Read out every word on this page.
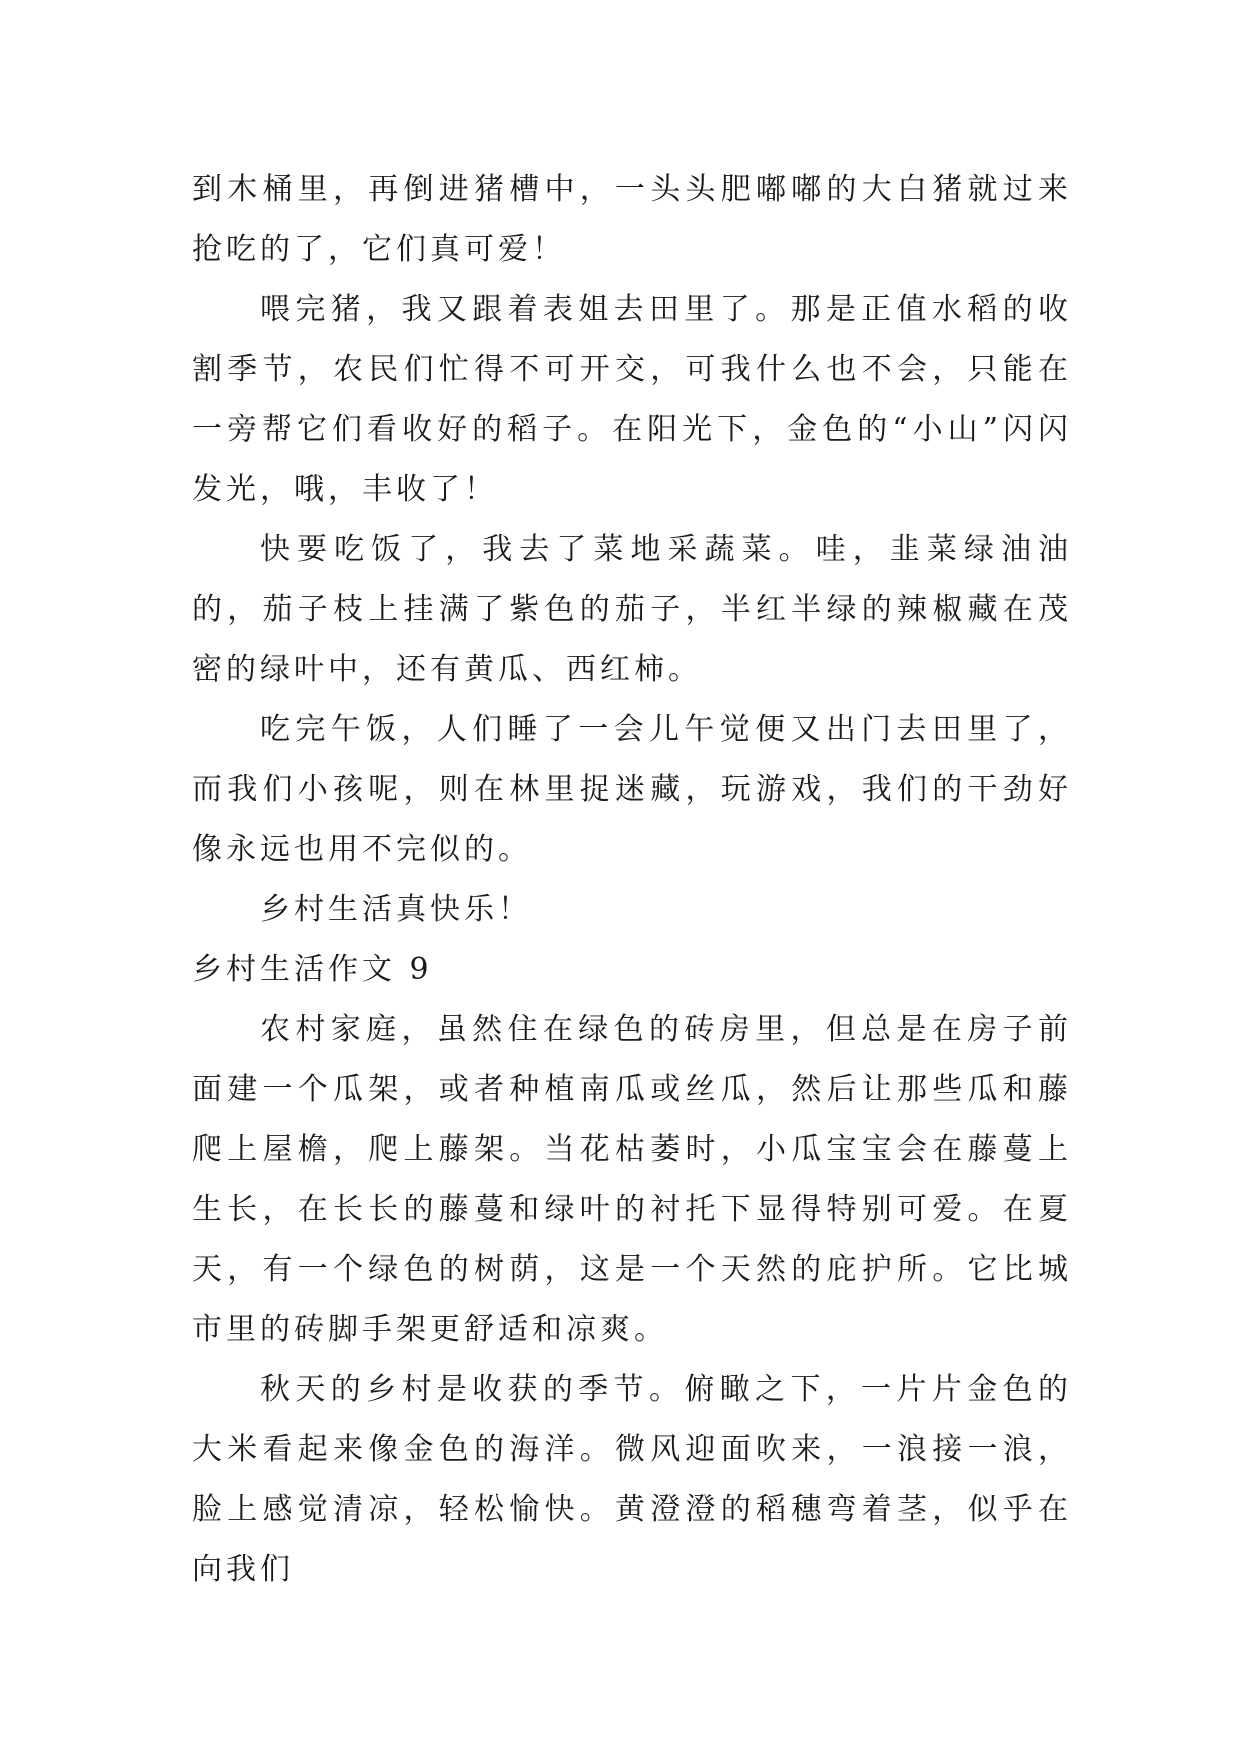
到木桶里，再倒进猪槽中，一头头肥嘟嘟的大白猪就过来抢吃的了，它们真可爱！

喂完猪，我又跟着表姐去田里了。那是正值水稻的收割季节，农民们忙得不可开交，可我什么也不会，只能在一旁帮它们看收好的稻子。在阳光下，金色的“小山”闪闪发光，哦，丰收了！

快要吃饭了，我去了菜地采蔬菜。哇，韭菜绿油油的，茄子枝上挂满了紫色的茄子，半红半绿的辣椒藏在茂密的绿叶中，还有黄瓜、西红柿。

吃完午饭，人们睡了一会儿午觉便又出门去田里了，而我们小孩呢，则在林里捉迷藏，玩游戏，我们的干劲好像永远也用不完似的。

乡村生活真快乐！

乡村生活作文 9

农村家庭，虽然住在绿色的砖房里，但总是在房子前面建一个瓜架，或者种植南瓜或丝瓜，然后让那些瓜和藤爬上屋檐，爬上藤架。当花枯萎时，小瓜宝宝会在藤蔓上生长，在长长的藤蔓和绿叶的衬托下显得特别可爱。在夏天，有一个绿色的树荫，这是一个天然的庇护所。它比城市里的砖脚手架更舒适和凉爽。

秋天的乡村是收获的季节。俯瞰之下，一片片金色的大米看起来像金色的海洋。微风迎面吹来，一浪接一浪，脸上感觉清凉，轻松愉快。黄澄澄的稻穗弯着茎，似乎在向我们
